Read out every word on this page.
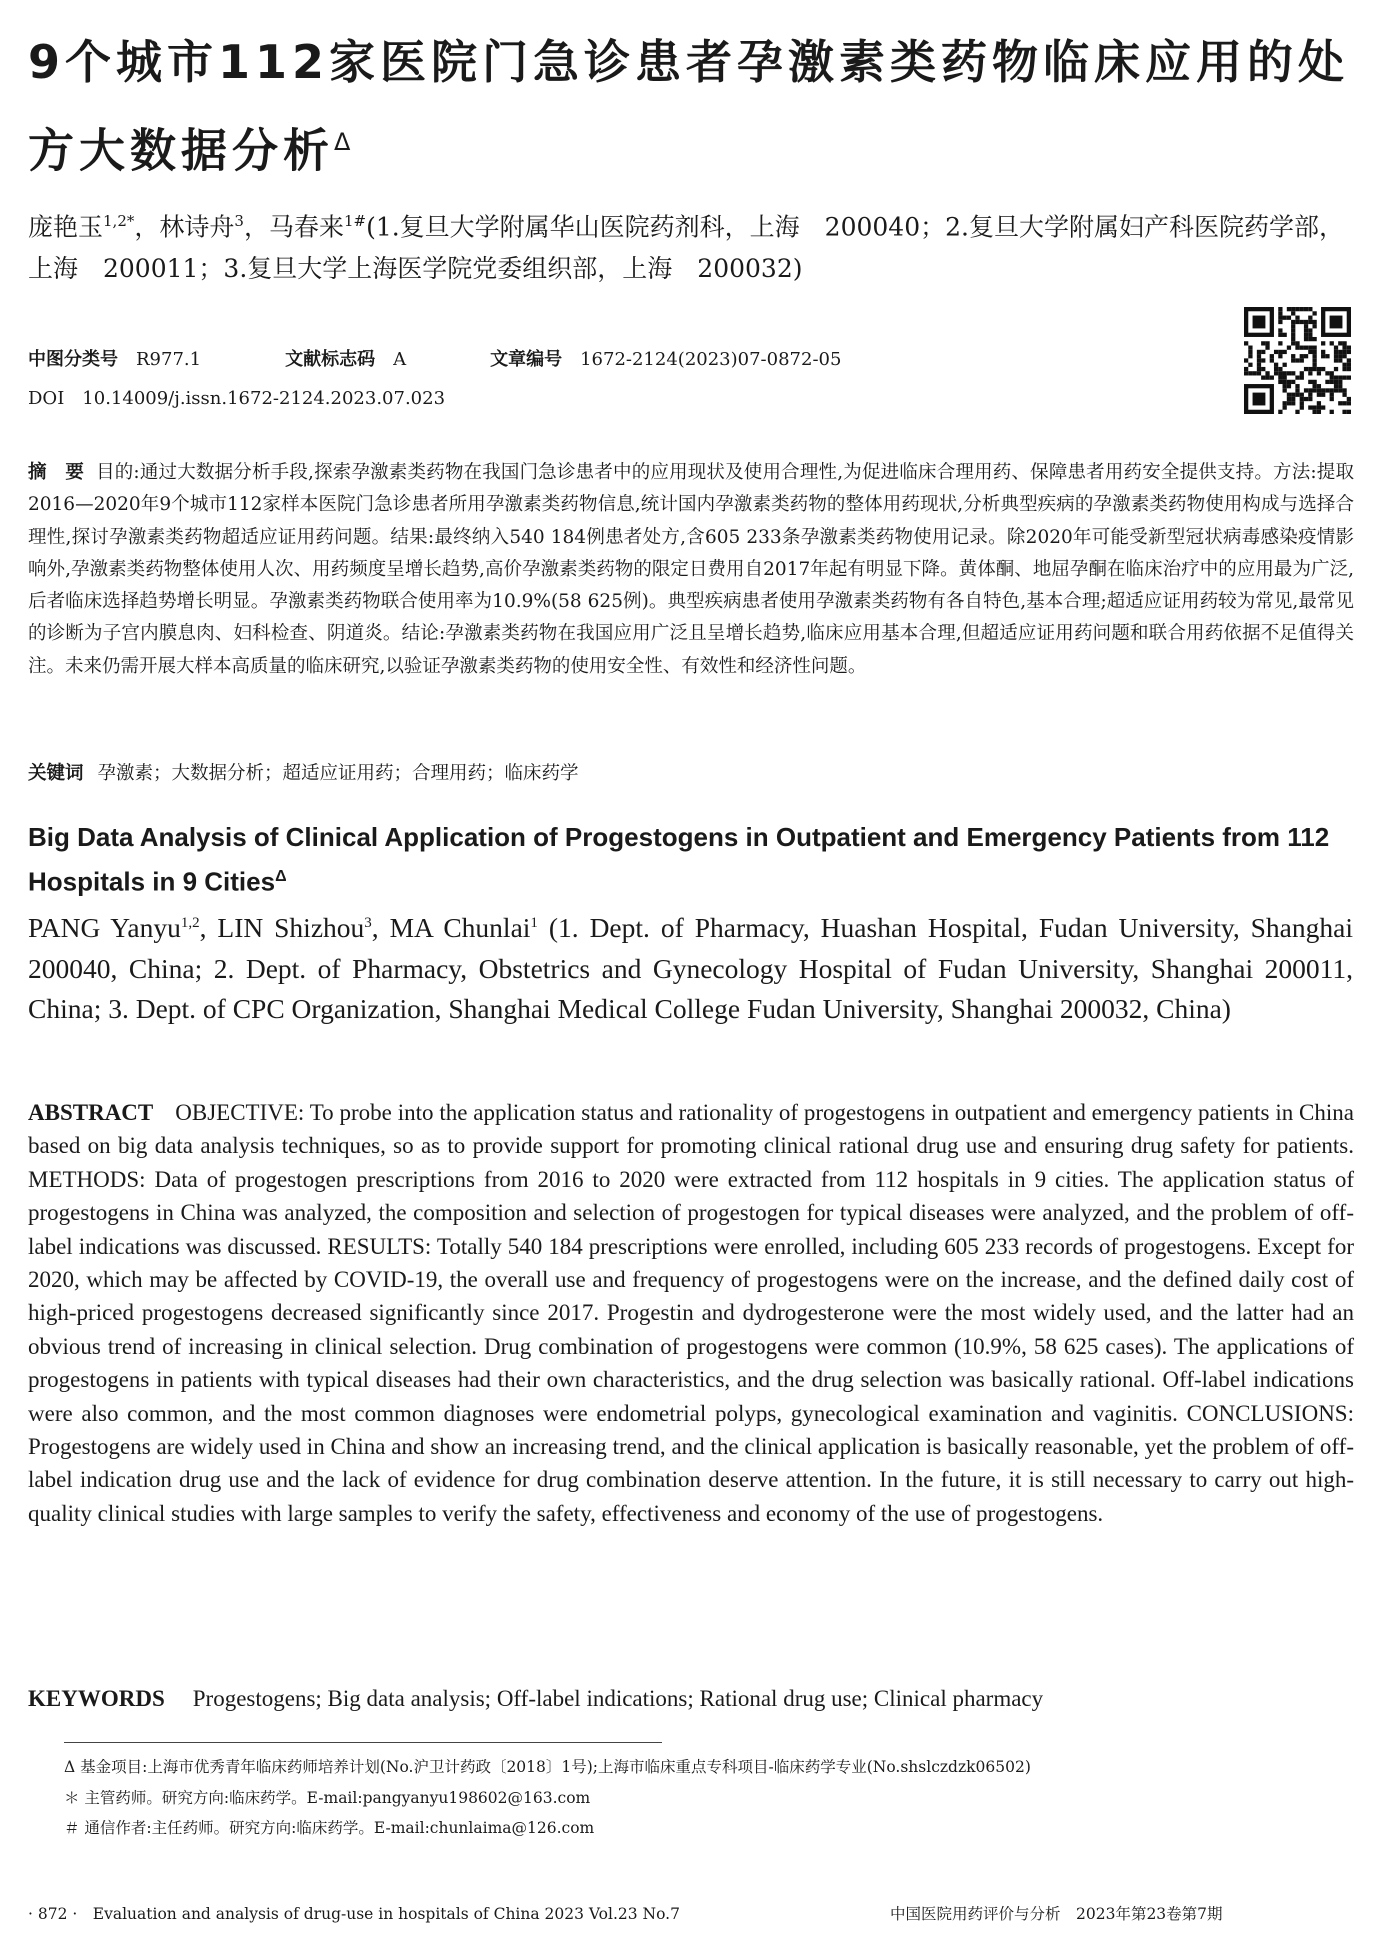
9个城市112家医院门急诊患者孕激素类药物临床应用的处方大数据分析$^\Delta$

庞艳玉$^{1,2*}$，林诗舟$^3$，马春来$^{1\#}$(1.复旦大学附属华山医院药剂科，上海　200040；2.复旦大学附属妇产科医院药学部，上海　200011；3.复旦大学上海医学院党委组织部，上海　200032)

中图分类号 R977.1	文献标志码 A	文章编号 1672-2124(2023)07-0872-05
DOI　10.14009/j.issn.1672-2124.2023.07.023

摘　要 目的:通过大数据分析手段,探索孕激素类药物在我国门急诊患者中的应用现状及使用合理性,为促进临床合理用药、保障患者用药安全提供支持。方法:提取2016—2020年9个城市112家样本医院门急诊患者所用孕激素类药物信息,统计国内孕激素类药物的整体用药现状,分析典型疾病的孕激素类药物使用构成与选择合理性,探讨孕激素类药物超适应证用药问题。结果:最终纳入540 184例患者处方,含605 233条孕激素类药物使用记录。除2020年可能受新型冠状病毒感染疫情影响外,孕激素类药物整体使用人次、用药频度呈增长趋势,高价孕激素类药物的限定日费用自2017年起有明显下降。黄体酮、地屈孕酮在临床治疗中的应用最为广泛,后者临床选择趋势增长明显。孕激素类药物联合使用率为10.9%(58 625例)。典型疾病患者使用孕激素类药物有各自特色,基本合理;超适应证用药较为常见,最常见的诊断为子宫内膜息肉、妇科检查、阴道炎。结论:孕激素类药物在我国应用广泛且呈增长趋势,临床应用基本合理,但超适应证用药问题和联合用药依据不足值得关注。未来仍需开展大样本高质量的临床研究,以验证孕激素类药物的使用安全性、有效性和经济性问题。

关键词 孕激素；大数据分析；超适应证用药；合理用药；临床药学
Big Data Analysis of Clinical Application of Progestogens in Outpatient and Emergency Patients from 112 Hospitals in 9 Cities$^\Delta$

PANG Yanyu$^{1,2}$, LIN Shizhou$^3$, MA Chunlai$^1$ (1. Dept. of Pharmacy, Huashan Hospital, Fudan University, Shanghai 200040, China; 2. Dept. of Pharmacy, Obstetrics and Gynecology Hospital of Fudan University, Shanghai 200011, China; 3. Dept. of CPC Organization, Shanghai Medical College Fudan University, Shanghai 200032, China)

ABSTRACT OBJECTIVE: To probe into the application status and rationality of progestogens in outpatient and emergency patients in China based on big data analysis techniques, so as to provide support for promoting clinical rational drug use and ensuring drug safety for patients. METHODS: Data of progestogen prescriptions from 2016 to 2020 were extracted from 112 hospitals in 9 cities. The application status of progestogens in China was analyzed, the composition and selection of progestogen for typical diseases were analyzed, and the problem of off-label indications was discussed. RESULTS: Totally 540 184 prescriptions were enrolled, including 605 233 records of progestogens. Except for 2020, which may be affected by COVID-19, the overall use and frequency of progestogens were on the increase, and the defined daily cost of high-priced progestogens decreased significantly since 2017. Progestin and dydrogesterone were the most widely used, and the latter had an obvious trend of increasing in clinical selection. Drug combination of progestogens were common (10.9%, 58 625 cases). The applications of progestogens in patients with typical diseases had their own characteristics, and the drug selection was basically rational. Off-label indications were also common, and the most common diagnoses were endometrial polyps, gynecological examination and vaginitis. CONCLUSIONS: Progestogens are widely used in China and show an increasing trend, and the clinical application is basically reasonable, yet the problem of off-label indication drug use and the lack of evidence for drug combination deserve attention. In the future, it is still necessary to carry out high-quality clinical studies with large samples to verify the safety, effectiveness and economy of the use of progestogens.

KEYWORDS Progestogens; Big data analysis; Off-label indications; Rational drug use; Clinical pharmacy
Δ 基金项目:上海市优秀青年临床药师培养计划(No.沪卫计药政〔2018〕1号);上海市临床重点专科项目-临床药学专业(No.shslczdzk06502)
＊ 主管药师。研究方向:临床药学。E-mail:pangyanyu198602@163.com
＃ 通信作者:主任药师。研究方向:临床药学。E-mail:chunlaima@126.com
· 872 ·　Evaluation and analysis of drug-use in hospitals of China 2023 Vol.23 No.7	中国医院用药评价与分析　2023年第23卷第7期
